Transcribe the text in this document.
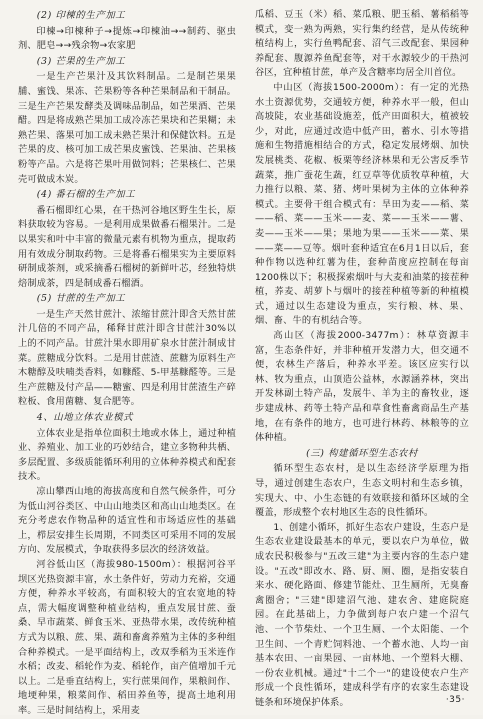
(2) 印楝的生产加工

印楝→印楝种子→提炼→印楝油→→制药、驱虫剂、肥皂→→残余物→农家肥

(3) 芒果的生产加工

一是生产芒果汁及其饮料制品。二是制芒果果脯、蜜饯、果冻、芒果粉等各种芒果制品和干制品。三是生产芒果发酵类及调味品制品，如芒果酒、芒果醋。四是将成熟芒果加工成冷冻芒果块和芒果糊；未熟芒果、落果可加工成未熟芒果汁和保健饮料。五是芒果的皮、核可加工成芒果皮蜜饯、芒果油、芒果核粉等产品。六是将芒果叶用做饲料；芒果核仁、芒果壳可做成木炭。

(4) 番石榴的生产加工

番石榴即红心果，在干热河谷地区野生生长，原料获取较为容易。一是利用成果做番石榴果汁。二是以果实和叶中丰富的微量元素有机物为重点，提取药用有效成分制取药物。三是将番石榴果实为主要原料研制成茶剂，或采摘番石榴树的新鲜叶芯，经独特烘焙制成茶，四是制成番石榴酒。

(5) 甘蔗的生产加工

一是生产天然甘蔗汁、浓缩甘蔗汁即含天然甘蔗汁几倍的不同产品，稀释甘蔗汁即含甘蔗汁30%以上的不同产品。甘蔗汁果水即用矿泉水甘蔗汁制成甘菜。蔗糖成分饮料。二是用甘蔗渣、蔗糖为原料生产木糖醇及呋喃类香料，如糠醛、5-甲基糠醛等。三是生产蔗糖及付产品——糖蜜、四是利用甘蔗渣生产碎粒板、食用菌糖、复合肥等。

4、山地立体农业模式

立体农业是指单位面积土地或水体上，通过种植业、养殖业、加工业的巧妙结合，建立多物种共栖、多层配置、多级质能循环利用的立体种养模式和配套技术。

凉山攀西山地的海拔高度和自然气候条件，可分为低山河谷类区、中山山地类区和高山山地类区。在充分考虑农作物品种的适宜性和市场适应性的基础上，栉层安排生长周期，不同类区可采用不同的发展方向、发展模式，争取获得多层次的经济效益。

河谷低山区（海拔980-1500m）：根据河谷平坝区光热资源丰富，水土条件好，劳动力充裕，交通方便，种养水平较高，有面积较大的宜农宽地的特点，需大幅度调整种植业结构，重点发展甘蔗、蚕桑、早市蔬菜、鲜食玉米、亚热带水果，改传统种植方式为以粮、蔗、果、蔬和畜禽养殖为主体的多种组合种养模式。一是平面结构上，改双季稻为玉米连作水稻；改麦、稻轮作为麦、稻轮作，亩产值增加千元以上。二是垂直结构上，实行蔗果间作，果粮间作、地埂种果，粮菜间作、稻田养鱼等，提高土地利用率。三是时间结构上，采用麦

瓜稻、豆玉（米）稻、菜瓜粮、肥玉稻、薯稻稻等模式，变一熟为两熟，实行集约经营，是从传统种植结构上，实行鱼鸭配套、沼气三改配套、果园种养配套、腹源养鱼配套等，对干水源较少的干热河谷区，宜种植甘蔗，单产及含糖率均居全川首位。

中山区（海拔1500-2000m）：有一定的光热水土资源优势，交通较方便，种养水平一般，但山高坡陡，农业基础设施差，低产田面积大，植被较少，对此，应通过改造中低产田，蓄水、引水等措施和生物措施相结合的方式，稳定发展烤烟、加快发展桃类、花椒、板栗等经济林果和无公害反季节蔬菜，推广蚕花生蔬，红豆草等优质牧草种植，大力推行以粮、菜、猪、烤叶果树为主体的立体种养模式。主要骨干组合模式有：旱田为麦——稻、菜——稻、菜——玉米——麦、菜——玉米——薯、麦——玉米——果；果地为果——玉米——菜、果——菜——豆等。烟叶套种适宜在6月1日以后，套种作物以选种红薯为佳，套种苗度应控制在每亩1200株以下；积极探索烟叶与大麦和油菜的接茬种植，荞麦、胡萝卜与烟叶的接茬种植等新的种植模式，通过以生态建设为重点，实行粮、林、果、烟、畜、牛的有机结合等。

高山区（海拔2000-3477m）：林草资源丰富，生态条件好，并非种植开发潜力大，但交通不便，农林生产落后，种养水平差。该区应实行以林、牧为重点，山顶造公益林，水源涵养林，突出开发林副土特产品，发展牛、羊为主的畜牧业，逐步建成林、药等土特产品和草食性畜禽商品生产基地，在有条件的地方，也可进行林药、林粮等的立体种植。

(三) 构建循环型生态农村

循环型生态农村，是以生态经济学原理为指导，通过创建生态农户，生态文明村和生态乡镇，实现大、中、小生态链的有效联接和循环区域的全覆盖，形成整个农村地区生态的良性循环。

1、创建小循环，抓好生态农户建设，生态户是生态农业建设最基本的单元，要以农户为单位，做成农民积极参与"五改三建"为主要内容的生态户建设。"五改"即改水、路、厨、厕、圈，是指安装自来水、硬化路面、修建节能灶、卫生厕所，无臭畜禽圈舍；"三建"即建沼气池、建农舍、建庭院庭园。在此基础上，力争做到每户农户建一个沼气池、一个节柴灶、一个卫生厕、一个太阳能、一个卫生间、一个青贮饲料池、一个蓄水池、人均一亩基本农田、一亩果园、一亩林地、一个塑料大棚、一份农业机械。通过"十二个一"的建设使农户生产形成一个良性循环，建成科学有序的农家生态建设链条和环境保护体系。	·35·
